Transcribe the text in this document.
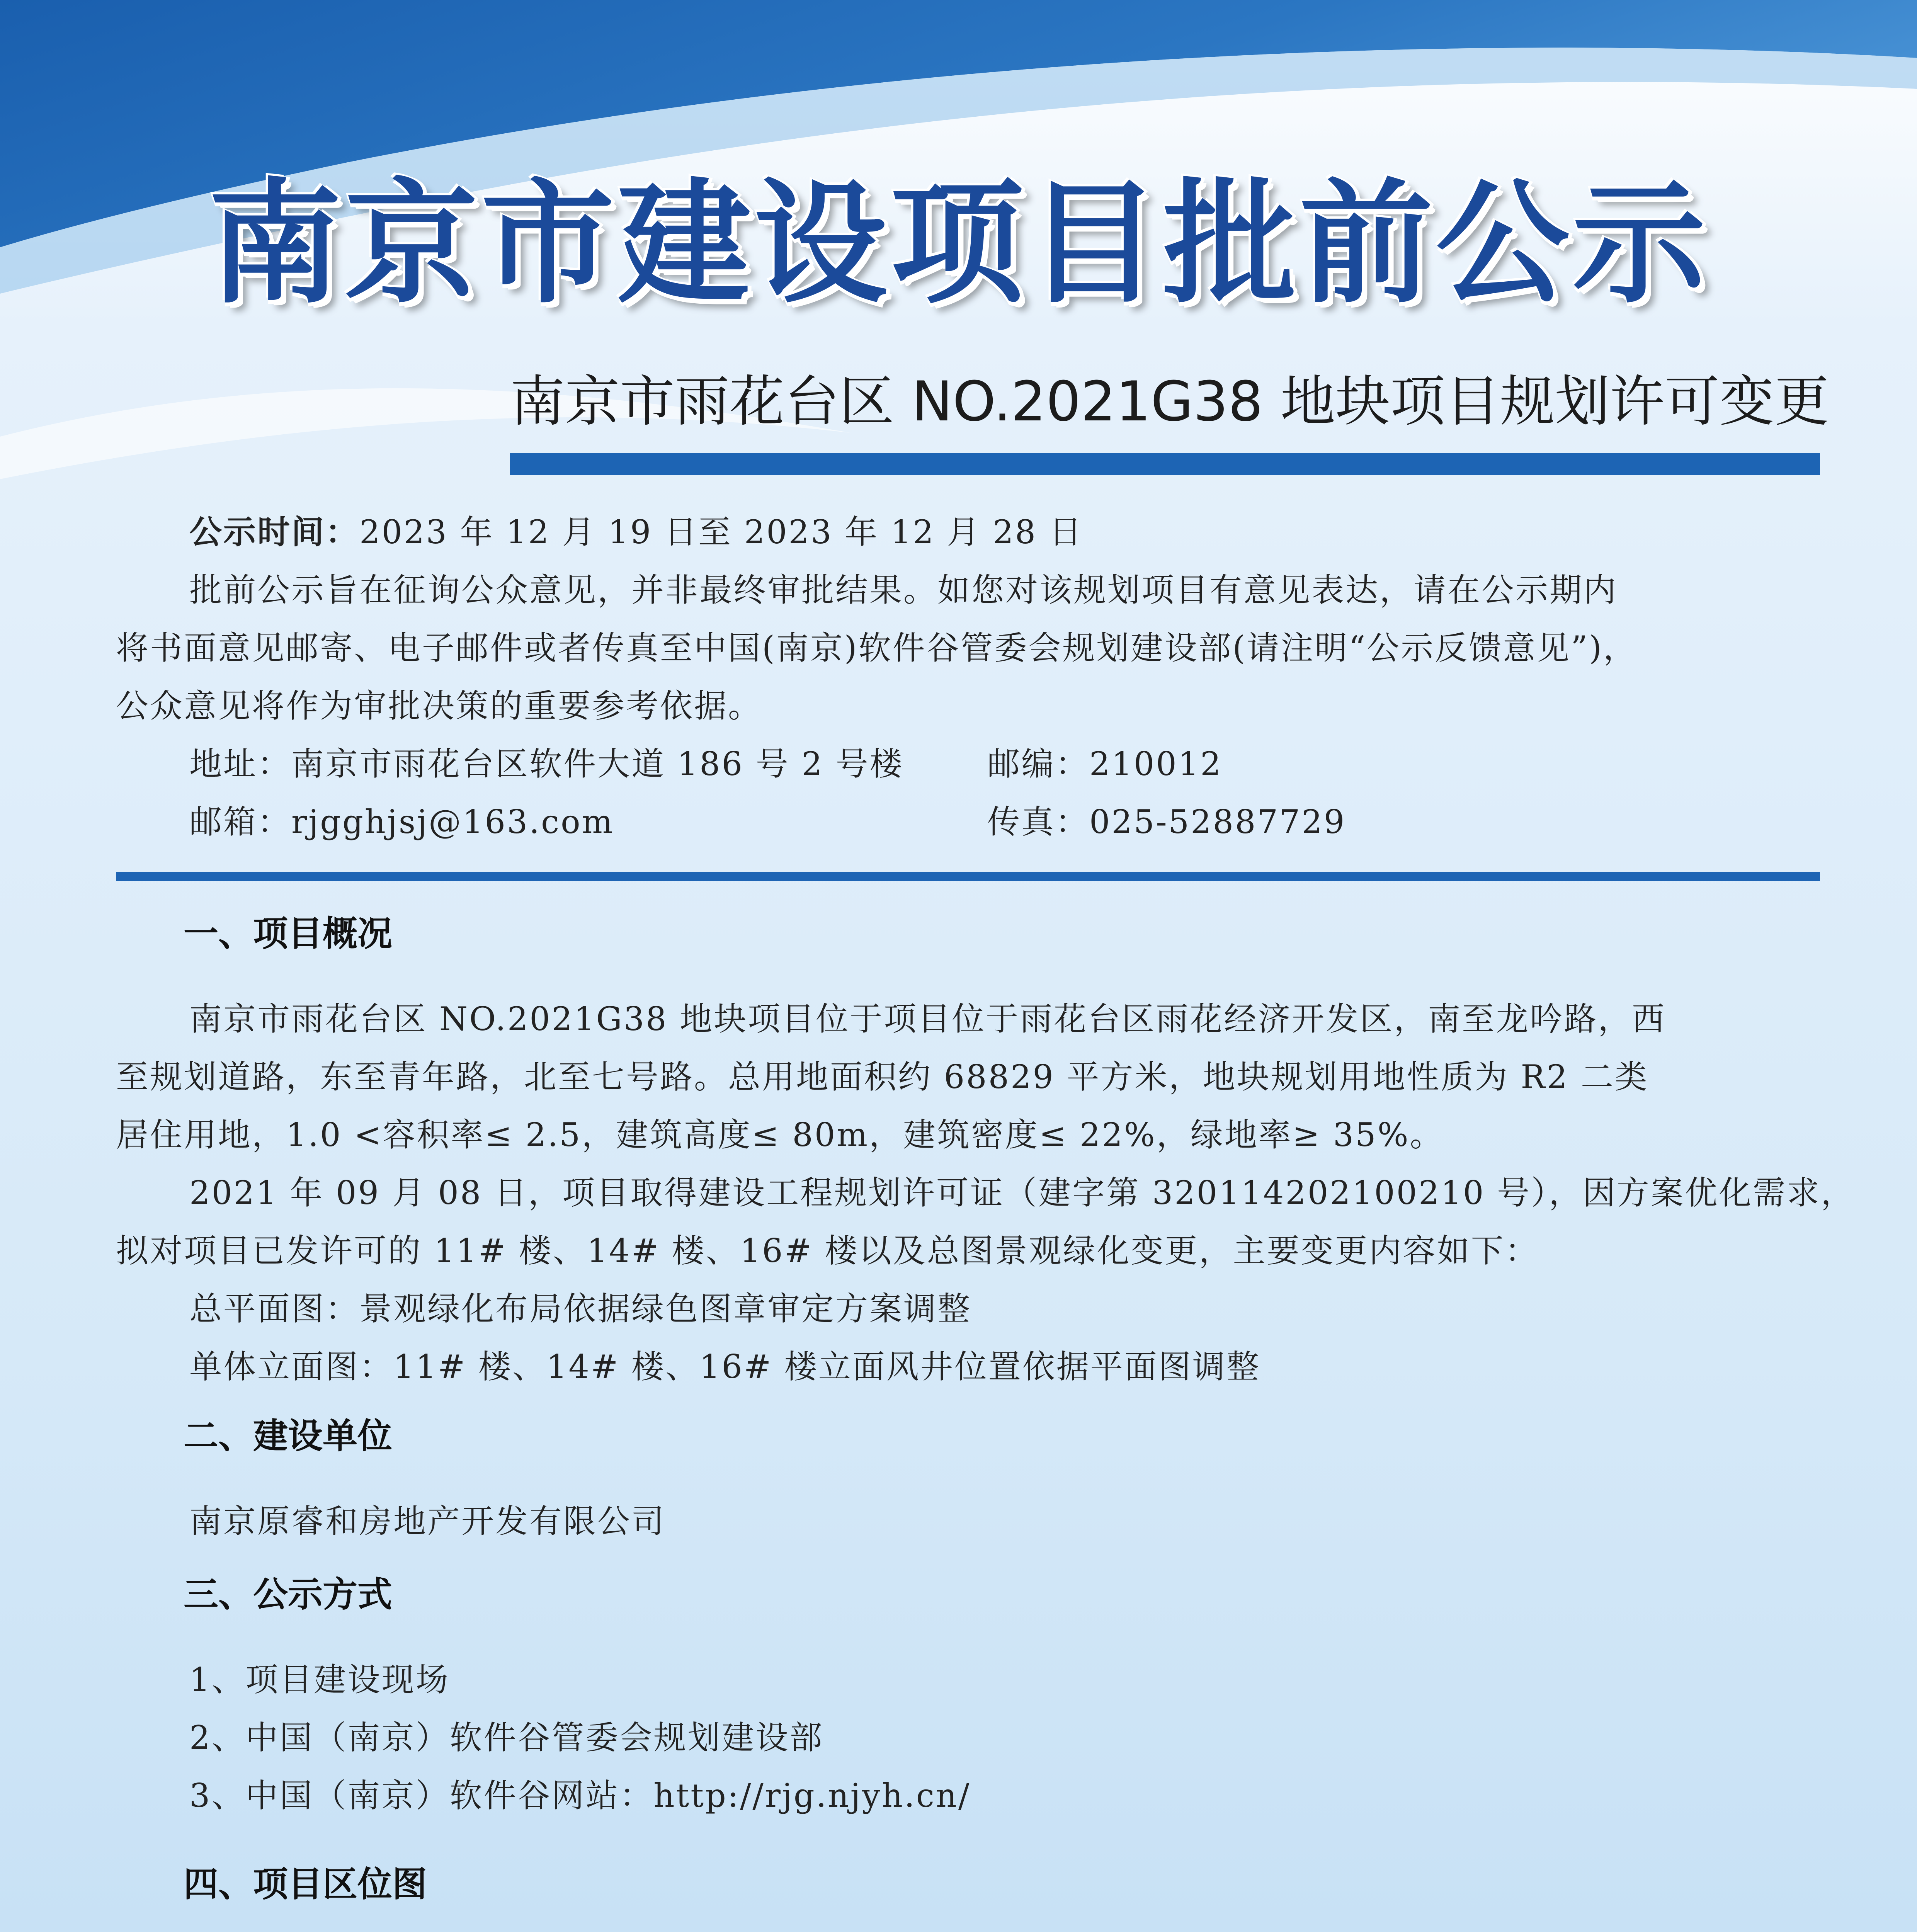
南京市建设项目批前公示
南京市雨花台区 NO.2021G38 地块项目规划许可变更
公示时间：2023 年 12 月 19 日至 2023 年 12 月 28 日
批前公示旨在征询公众意见，并非最终审批结果。如您对该规划项目有意见表达，请在公示期内
将书面意见邮寄、电子邮件或者传真至中国(南京)软件谷管委会规划建设部(请注明“公示反馈意见”)，
公众意见将作为审批决策的重要参考依据。
地址：南京市雨花台区软件大道 186 号 2 号楼	邮编：210012
邮箱：rjgghjsj@163.com	传真：025-52887729
一、项目概况
南京市雨花台区 NO.2021G38 地块项目位于项目位于雨花台区雨花经济开发区，南至龙吟路，西
至规划道路，东至青年路，北至七号路。总用地面积约 68829 平方米，地块规划用地性质为 R2 二类
居住用地，1.0 <容积率≤ 2.5，建筑高度≤ 80m，建筑密度≤ 22%，绿地率≥ 35%。
2021 年 09 月 08 日，项目取得建设工程规划许可证（建字第 320114202100210 号），因方案优化需求，
拟对项目已发许可的 11# 楼、14# 楼、16# 楼以及总图景观绿化变更，主要变更内容如下：
总平面图：景观绿化布局依据绿色图章审定方案调整
单体立面图：11# 楼、14# 楼、16# 楼立面风井位置依据平面图调整
二、建设单位
南京原睿和房地产开发有限公司
三、公示方式
1、项目建设现场
2、中国（南京）软件谷管委会规划建设部
3、中国（南京）软件谷网站：http://rjg.njyh.cn/
四、项目区位图
